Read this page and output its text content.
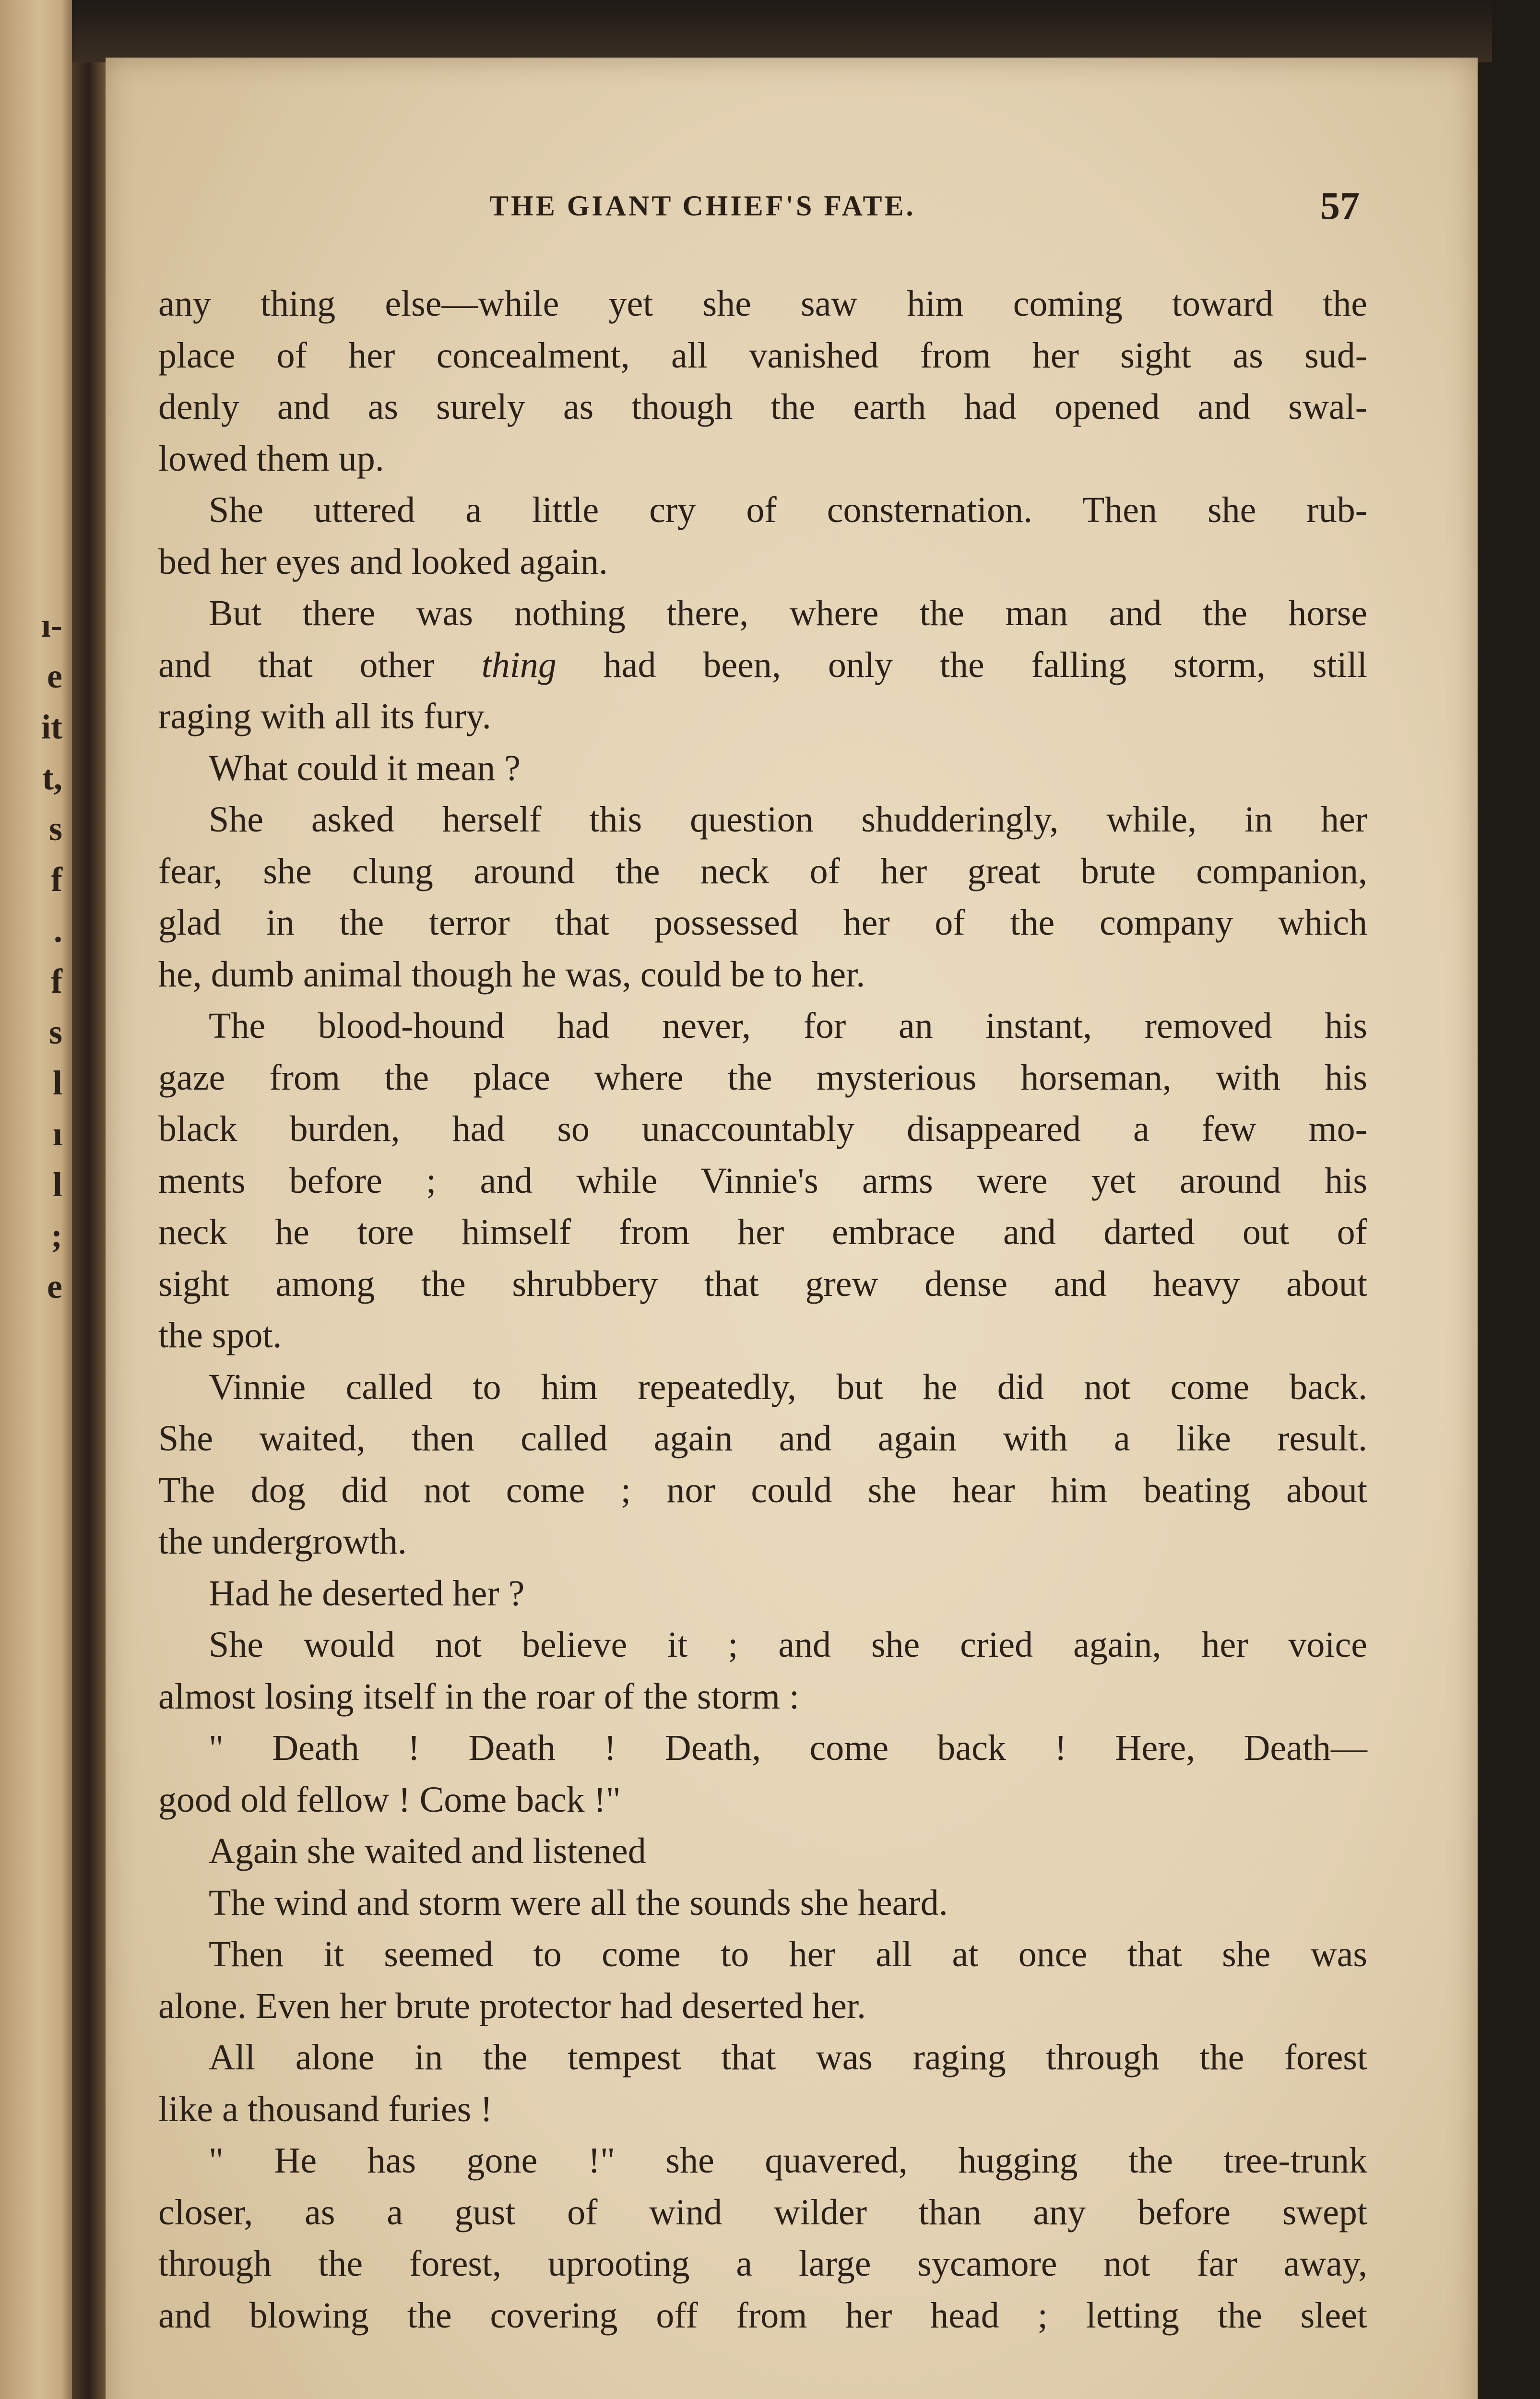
ı-
e
it
t,
s
f
.
f
s
l
ı
l
;
e
THE GIANT CHIEF'S FATE.	57
any thing else—while yet she saw him coming toward the
place of her concealment, all vanished from her sight as sud-
denly and as surely as though the earth had opened and swal-
lowed them up.
She uttered a little cry of consternation. Then she rub-
bed her eyes and looked again.
But there was nothing there, where the man and the horse
and that other thing had been, only the falling storm, still
raging with all its fury.
What could it mean ?
She asked herself this question shudderingly, while, in her
fear, she clung around the neck of her great brute companion,
glad in the terror that possessed her of the company which
he, dumb animal though he was, could be to her.
The blood-hound had never, for an instant, removed his
gaze from the place where the mysterious horseman, with his
black burden, had so unaccountably disappeared a few mo-
ments before ; and while Vinnie's arms were yet around his
neck he tore himself from her embrace and darted out of
sight among the shrubbery that grew dense and heavy about
the spot.
Vinnie called to him repeatedly, but he did not come back.
She waited, then called again and again with a like result.
The dog did not come ; nor could she hear him beating about
the undergrowth.
Had he deserted her ?
She would not believe it ; and she cried again, her voice
almost losing itself in the roar of the storm :
" Death ! Death ! Death, come back ! Here, Death—
good old fellow ! Come back !"
Again she waited and listened
The wind and storm were all the sounds she heard.
Then it seemed to come to her all at once that she was
alone. Even her brute protector had deserted her.
All alone in the tempest that was raging through the forest
like a thousand furies !
" He has gone !" she quavered, hugging the tree-trunk
closer, as a gust of wind wilder than any before swept
through the forest, uprooting a large sycamore not far away,
and blowing the covering off from her head ; letting the sleet
